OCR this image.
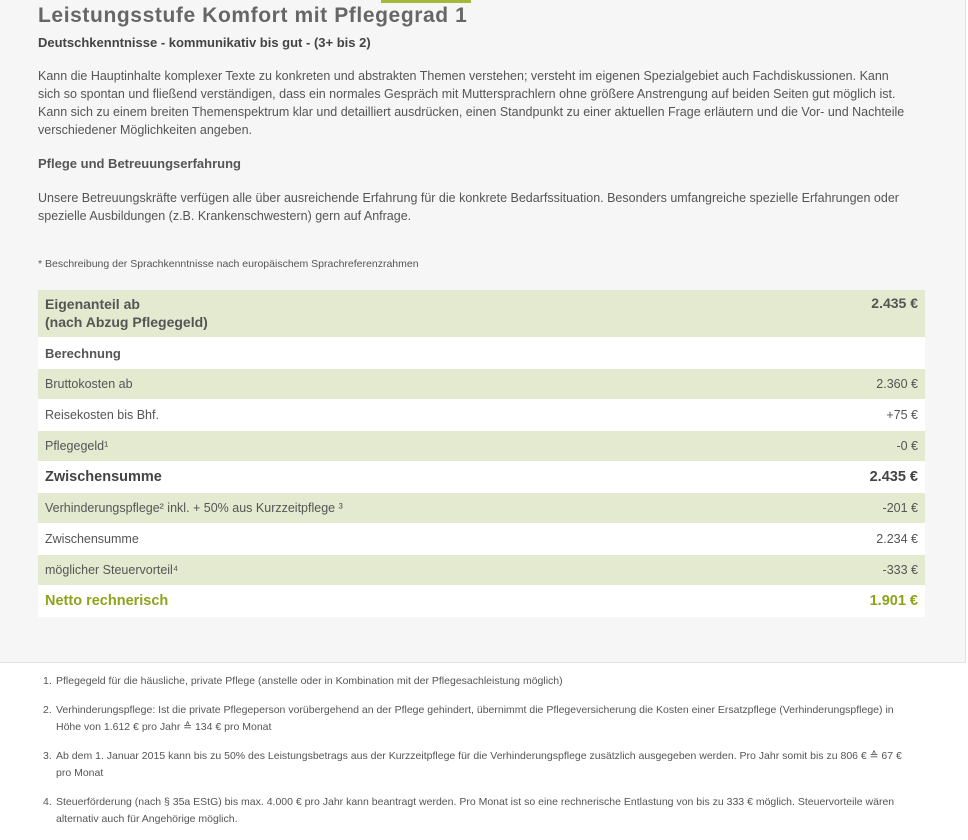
Leistungsstufe Komfort mit Pflegegrad 1
Deutschkenntnisse - kommunikativ bis gut - (3+ bis 2)
Kann die Hauptinhalte komplexer Texte zu konkreten und abstrakten Themen verstehen; versteht im eigenen Spezialgebiet auch Fachdiskussionen. Kann
sich so spontan und fließend verständigen, dass ein normales Gespräch mit Muttersprachlern ohne größere Anstrengung auf beiden Seiten gut möglich ist.
Kann sich zu einem breiten Themenspektrum klar und detailliert ausdrücken, einen Standpunkt zu einer aktuellen Frage erläutern und die Vor- und Nachteile
verschiedener Möglichkeiten angeben.
Pflege und Betreuungserfahrung
Unsere Betreuungskräfte verfügen alle über ausreichende Erfahrung für die konkrete Bedarfssituation. Besonders umfangreiche spezielle Erfahrungen oder
spezielle Ausbildungen (z.B. Krankenschwestern) gern auf Anfrage.
* Beschreibung der Sprachkenntnisse nach europäischem Sprachreferenzrahmen
Eigenanteil ab
(nach Abzug Pflegegeld)
2.435 €
Berechnung
Bruttokosten ab	2.360 €
Reisekosten bis Bhf.	+75 €
Pflegegeld¹	-0 €
Zwischensumme	2.435 €
Verhinderungspflege² inkl. + 50% aus Kurzzeitpflege ³	-201 €
Zwischensumme	2.234 €
möglicher Steuervorteil⁴	-333 €
Netto rechnerisch	1.901 €
1. Pflegegeld für die häusliche, private Pflege (anstelle oder in Kombination mit der Pflegesachleistung möglich)
2. Verhinderungspflege: Ist die private Pflegeperson vorübergehend an der Pflege gehindert, übernimmt die Pflegeversicherung die Kosten einer Ersatzpflege (Verhinderungspflege) in
Höhe von 1.612 € pro Jahr ≙ 134 € pro Monat
3. Ab dem 1. Januar 2015 kann bis zu 50% des Leistungsbetrags aus der Kurzzeitpflege für die Verhinderungspflege zusätzlich ausgegeben werden. Pro Jahr somit bis zu 806 € ≙ 67 €
pro Monat
4. Steuerförderung (nach § 35a EStG) bis max. 4.000 € pro Jahr kann beantragt werden. Pro Monat ist so eine rechnerische Entlastung von bis zu 333 € möglich. Steuervorteile wären
alternativ auch für Angehörige möglich.
